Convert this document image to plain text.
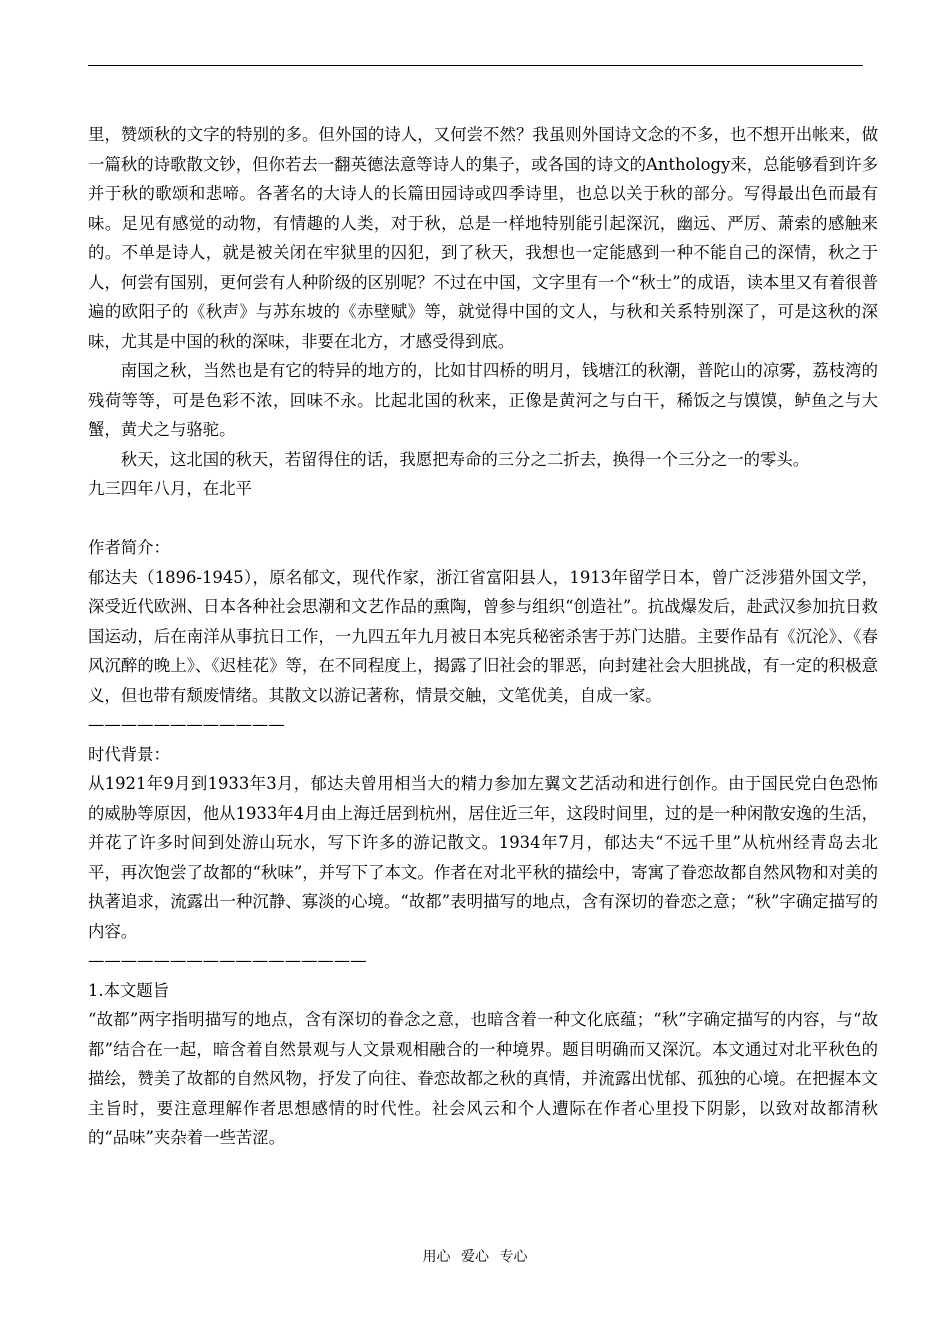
里，赞颂秋的文字的特别的多。但外国的诗人，又何尝不然？我虽则外国诗文念的不多，也不想开出帐来，做一篇秋的诗歌散文钞，但你若去一翻英德法意等诗人的集子，或各国的诗文的Anthology来，总能够看到许多并于秋的歌颂和悲啼。各著名的大诗人的长篇田园诗或四季诗里，也总以关于秋的部分。写得最出色而最有味。足见有感觉的动物，有情趣的人类，对于秋，总是一样地特别能引起深沉，幽远、严厉、萧索的感触来的。不单是诗人，就是被关闭在牢狱里的囚犯，到了秋天，我想也一定能感到一种不能自己的深情，秋之于人，何尝有国别，更何尝有人种阶级的区别呢？不过在中国，文字里有一个“秋士”的成语，读本里又有着很普遍的欧阳子的《秋声》与苏东坡的《赤壁赋》等，就觉得中国的文人，与秋和关系特别深了，可是这秋的深味，尤其是中国的秋的深味，非要在北方，才感受得到底。

南国之秋，当然也是有它的特异的地方的，比如甘四桥的明月，钱塘江的秋潮，普陀山的凉雾，荔枝湾的残荷等等，可是色彩不浓，回味不永。比起北国的秋来，正像是黄河之与白干，稀饭之与馍馍，鲈鱼之与大蟹，黄犬之与骆驼。

秋天，这北国的秋天，若留得住的话，我愿把寿命的三分之二折去，换得一个三分之一的零头。

九三四年八月，在北平

作者简介：

郁达夫（1896-1945），原名郁文，现代作家，浙江省富阳县人，1913年留学日本，曾广泛涉猎外国文学，深受近代欧洲、日本各种社会思潮和文艺作品的熏陶，曾参与组织“创造社”。抗战爆发后，赴武汉参加抗日救国运动，后在南洋从事抗日工作，一九四五年九月被日本宪兵秘密杀害于苏门达腊。主要作品有《沉沦》、《春风沉醉的晚上》、《迟桂花》等，在不同程度上，揭露了旧社会的罪恶，向封建社会大胆挑战，有一定的积极意义，但也带有颓废情绪。其散文以游记著称，情景交触，文笔优美，自成一家。

————————————

时代背景：

从1921年9月到1933年3月，郁达夫曾用相当大的精力参加左翼文艺活动和进行创作。由于国民党白色恐怖的威胁等原因，他从1933年4月由上海迁居到杭州，居住近三年，这段时间里，过的是一种闲散安逸的生活，并花了许多时间到处游山玩水，写下许多的游记散文。1934年7月，郁达夫“不远千里”从杭州经青岛去北平，再次饱尝了故都的“秋味”，并写下了本文。作者在对北平秋的描绘中，寄寓了眷恋故都自然风物和对美的执著追求，流露出一种沉静、寡淡的心境。“故都”表明描写的地点，含有深切的眷恋之意；“秋”字确定描写的内容。

—————————————————

1.本文题旨

“故都”两字指明描写的地点，含有深切的眷念之意，也暗含着一种文化底蕴；“秋”字确定描写的内容，与“故都”结合在一起，暗含着自然景观与人文景观相融合的一种境界。题目明确而又深沉。本文通过对北平秋色的描绘，赞美了故都的自然风物，抒发了向往、眷恋故都之秋的真情，并流露出忧郁、孤独的心境。在把握本文主旨时，要注意理解作者思想感情的时代性。社会风云和个人遭际在作者心里投下阴影，以致对故都清秋的“品味”夹杂着一些苦涩。

用心 爱心 专心
